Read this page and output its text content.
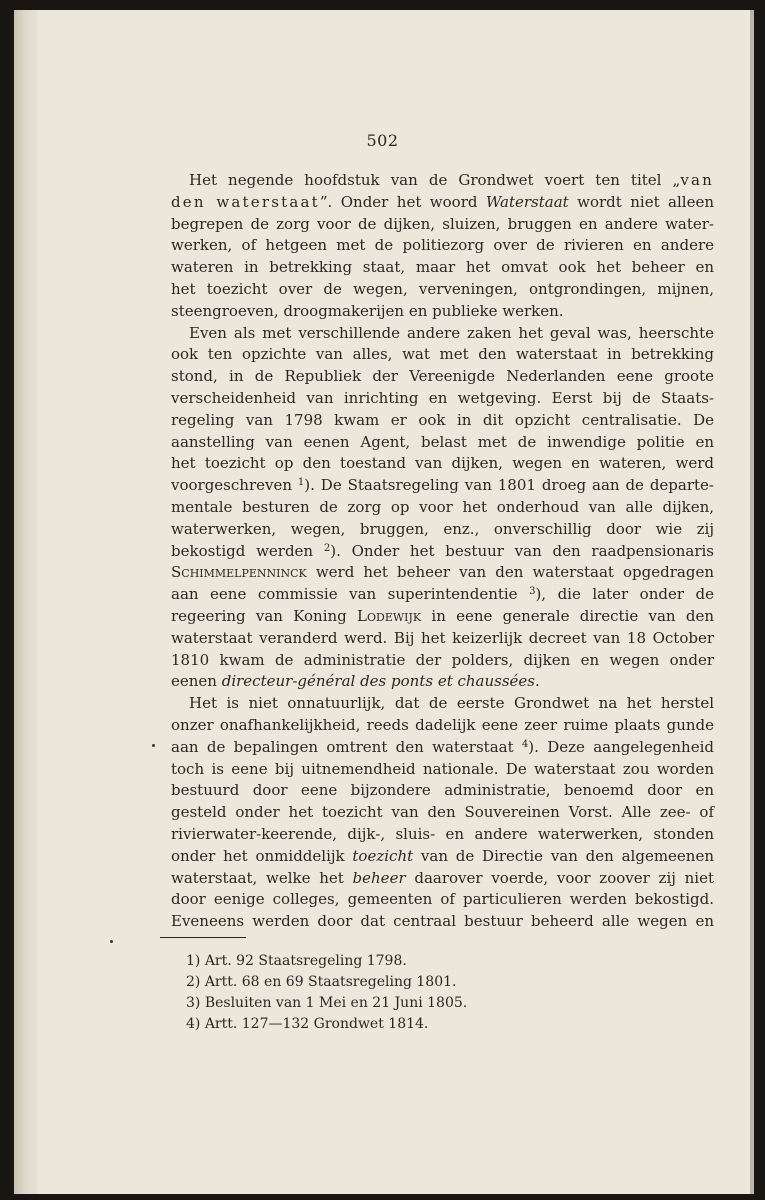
502
Het negende hoofdstuk van de Grondwet voert ten titel „van
den waterstaat”. Onder het woord Waterstaat wordt niet alleen
begrepen de zorg voor de dijken, sluizen, bruggen en andere water-
werken, of hetgeen met de politiezorg over de rivieren en andere
wateren in betrekking staat, maar het omvat ook het beheer en
het toezicht over de wegen, verveningen, ontgrondingen, mijnen,
steengroeven, droogmakerijen en publieke werken.
Even als met verschillende andere zaken het geval was, heerschte
ook ten opzichte van alles, wat met den waterstaat in betrekking
stond, in de Republiek der Vereenigde Nederlanden eene groote
verscheidenheid van inrichting en wetgeving. Eerst bij de Staats-
regeling van 1798 kwam er ook in dit opzicht centralisatie. De
aanstelling van eenen Agent, belast met de inwendige politie en
het toezicht op den toestand van dijken, wegen en wateren, werd
voorgeschreven $^1$). De Staatsregeling van 1801 droeg aan de departe-
mentale besturen de zorg op voor het onderhoud van alle dijken,
waterwerken, wegen, bruggen, enz., onverschillig door wie zij
bekostigd werden $^2$). Onder het bestuur van den raadpensionaris
Schimmelpenninck werd het beheer van den waterstaat opgedragen
aan eene commissie van superintendentie $^3$), die later onder de
regeering van Koning Lodewijk in eene generale directie van den
waterstaat veranderd werd. Bij het keizerlijk decreet van 18 October
1810 kwam de administratie der polders, dijken en wegen onder
eenen directeur-général des ponts et chaussées.
Het is niet onnatuurlijk, dat de eerste Grondwet na het herstel
onzer onafhankelijkheid, reeds dadelijk eene zeer ruime plaats gunde
aan de bepalingen omtrent den waterstaat $^4$). Deze aangelegenheid
toch is eene bij uitnemendheid nationale. De waterstaat zou worden
bestuurd door eene bijzondere administratie, benoemd door en
gesteld onder het toezicht van den Souvereinen Vorst. Alle zee- of
rivierwater-keerende, dijk-, sluis- en andere waterwerken, stonden
onder het onmiddelijk toezicht van de Directie van den algemeenen
waterstaat, welke het beheer daarover voerde, voor zoover zij niet
door eenige colleges, gemeenten of particulieren werden bekostigd.
Eveneens werden door dat centraal bestuur beheerd alle wegen en
1) Art. 92 Staatsregeling 1798.
2) Artt. 68 en 69 Staatsregeling 1801.
3) Besluiten van 1 Mei en 21 Juni 1805.
4) Artt. 127—132 Grondwet 1814.
